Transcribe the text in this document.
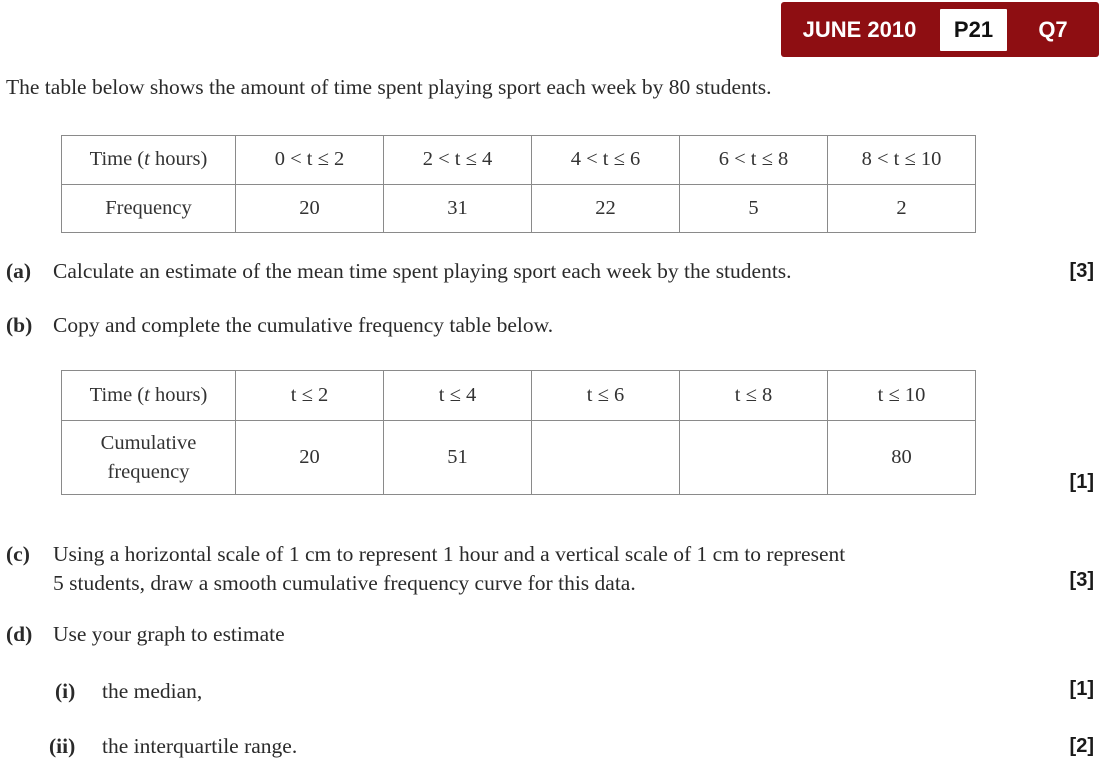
JUNE 2010	P21	Q7
The table below shows the amount of time spent playing sport each week by 80 students.
Time (t hours)	0 < t ≤ 2	2 < t ≤ 4	4 < t ≤ 6	6 < t ≤ 8	8 < t ≤ 10
Frequency	20	31	22	5	2
(a) Calculate an estimate of the mean time spent playing sport each week by the students.	[3]
(b) Copy and complete the cumulative frequency table below.
Time (t hours)	t ≤ 2	t ≤ 4	t ≤ 6	t ≤ 8	t ≤ 10

Cumulative
frequency	20	51			80
[1]
(c) Using a horizontal scale of 1 cm to represent 1 hour and a vertical scale of 1 cm to represent
5 students, draw a smooth cumulative frequency curve for this data.	[3]
(d) Use your graph to estimate
(i) the median,	[1]
(ii) the interquartile range.	[2]
